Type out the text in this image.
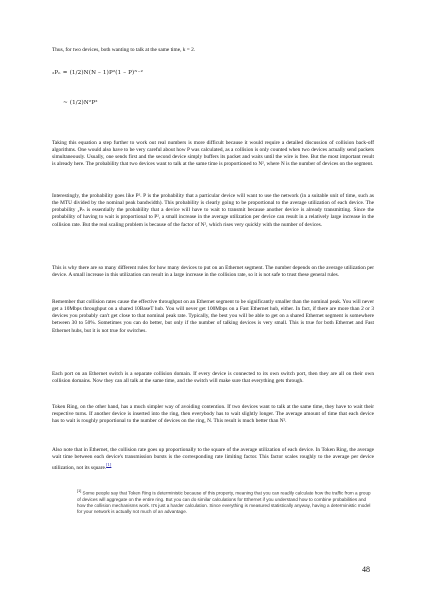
Thus, for two devices, both wanting to talk at the same time, k = 2.

₂Pₙ = (1/2)N(N – 1)P²(1 – P)ᴺ⁻²
~ (1/2)N²P²

Taking this equation a step further to work out real numbers is more difficult because it would require a detailed discussion of collision back-off algorithms. One would also have to be very careful about how P was calculated, as a collision is only counted when two devices actually send packets simultaneously. Usually, one sends first and the second device simply buffers its packet and waits until the wire is free. But the most important result is already here. The probability that two devices want to talk at the same time is proportioned to N², where N is the number of devices on the segment.

Interestingly, the probability goes like P². P is the probability that a particular device will want to use the network (in a suitable unit of time, such as the MTU divided by the nominal peak bandwidth). This probability is clearly going to be proportional to the average utilization of each device. The probability ₂Pₙ is essentially the probability that a device will have to wait to transmit because another device is already transmitting. Since the probability of having to wait is proportional to P², a small increase in the average utilization per device can result in a relatively large increase in the collision rate. But the real scaling problem is because of the factor of N², which rises very quickly with the number of devices.

This is why there are so many different rules for how many devices to put on an Ethernet segment. The number depends on the average utilization per device. A small increase in this utilization can result in a large increase in the collision rate, so it is not safe to trust these general rules.

Remember that collision rates cause the effective throughput on an Ethernet segment to be significantly smaller than the nominal peak. You will never get a 10Mbps throughput on a shared 10BaseT hub. You will never get 100Mbps on a Fast Ethernet hub, either. In fact, if there are more than 2 or 3 devices you probably can't get close to that nominal peak rate. Typically, the best you will be able to get on a shared Ethernet segment is somewhere between 30 to 50%. Sometimes you can do better, but only if the number of talking devices is very small. This is true for both Ethernet and Fast Ethernet hubs, but it is not true for switches.

Each port on an Ethernet switch is a separate collision domain. If every device is connected to its own switch port, then they are all on their own collision domains. Now they can all talk at the same time, and the switch will make sure that everything gets through.

Token Ring, on the other hand, has a much simpler way of avoiding contention. If two devices want to talk at the same time, they have to wait their respective turns. If another device is inserted into the ring, then everybody has to wait slightly longer. The average amount of time that each device has to wait is roughly proportional to the number of devices on the ring, N. This result is much better than N².

Also note that in Ethernet, the collision rate goes up proportionally to the square of the average utilization of each device. In Token Ring, the average wait time between each device's transmission bursts is the corresponding rate limiting factor. This factor scales roughly to the average per device utilization, not its square.[1]

[1] Some people say that Token Ring is deterministic because of this property, meaning that you can readily calculate how the traffic from a group of devices will aggregate on the entire ring. But you can do similar calculations for Ethernet if you understand how to combine probabilities and how the collision mechanisms work. It's just a harder calculation. Since everything is measured statistically anyway, having a deterministic model for your network is actually not much of an advantage.

48
